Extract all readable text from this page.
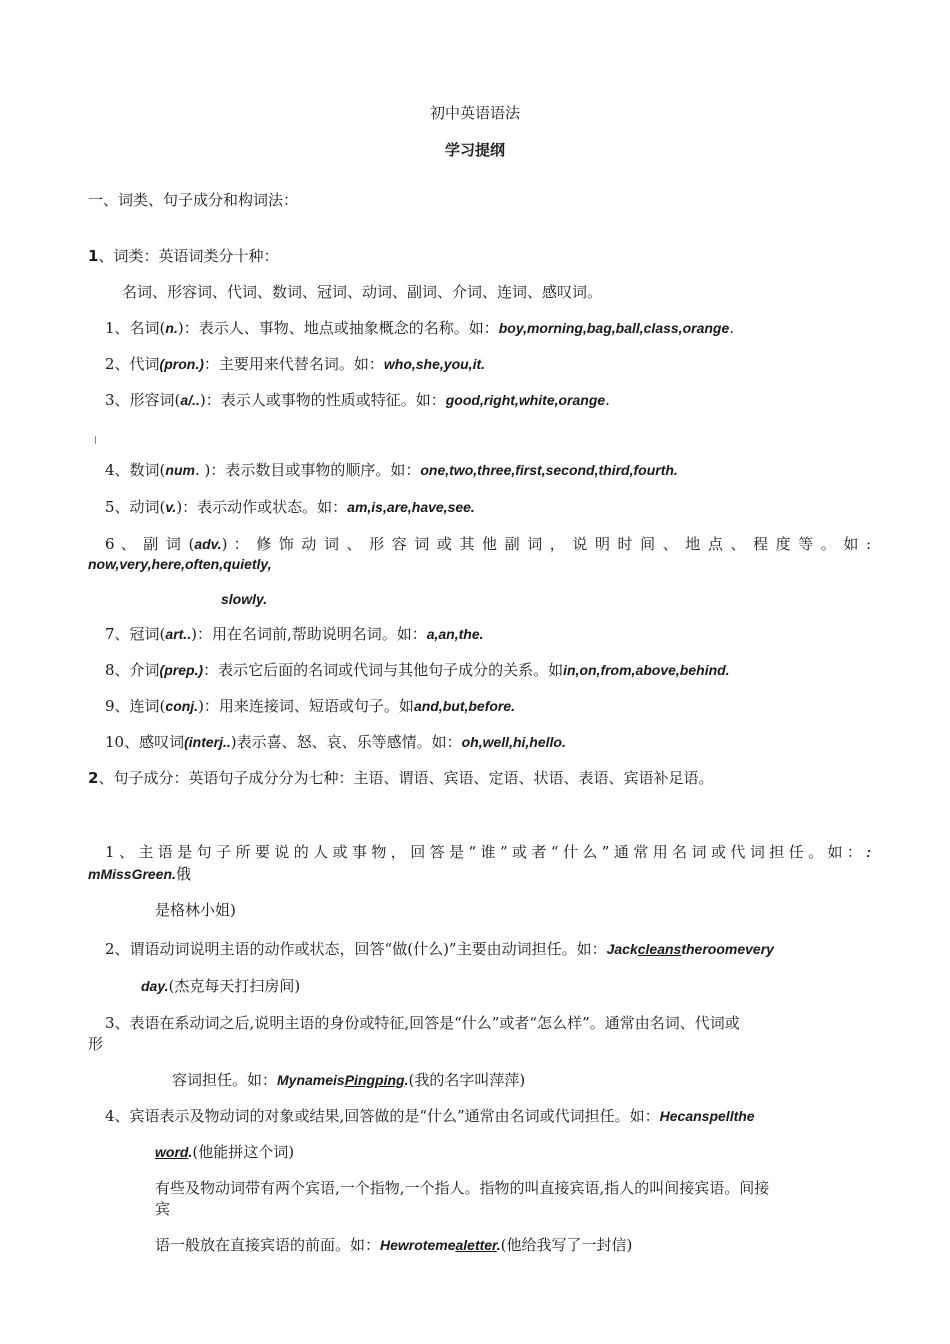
初中英语语法
学习提纲
一、词类、句子成分和构词法：
1、词类：英语词类分十种：
名词、形容词、代词、数词、冠词、动词、副词、介词、连词、感叹词。
1、名词(n.)：表示人、事物、地点或抽象概念的名称。如：boy,morning,bag,ball,class,orange.
2、代词(pron.)：主要用来代替名词。如：who,she,you,it.
3、形容词(a/..)：表示人或事物的性质或特征。如：good,right,white,orange.
4、数词(num. )：表示数目或事物的顺序。如：one,two,three,first,second,third,fourth.
5、动词(v.)：表示动作或状态。如：am,is,are,have,see.
6 、 副 词 (adv.) ： 修 饰 动 词 、 形 容 词 或 其 他 副 词 ， 说 明 时 间 、 地 点 、 程 度 等 。 如 :
now,very,here,often,quietly,
slowly.
7、冠词(art..)：用在名词前,帮助说明名词。如：a,an,the.
8、介词(prep.)：表示它后面的名词或代词与其他句子成分的关系。如in,on,from,above,behind.
9、连词(conj.)：用来连接词、短语或句子。如and,but,before.
10、感叹词(interj..)表示喜、怒、哀、乐等感情。如：oh,well,hi,hello.
2、句子成分：英语句子成分分为七种：主语、谓语、宾语、定语、状语、表语、宾语补足语。
1、主语是句子所要说的人或事物，回答是“谁”或者“什么”通常用名词或代词担任。如：:
mMissGreen.俄
是格林小姐)
2、谓语动词说明主语的动作或状态，回答“做(什么)”主要由动词担任。如：Jackcleanstheroomevery
day.(杰克每天打扫房间)
3、表语在系动词之后,说明主语的身份或特征,回答是“什么”或者“怎么样”。通常由名词、代词或
形
容词担任。如：MynameisPingping.(我的名字叫萍萍)
4、宾语表示及物动词的对象或结果,回答做的是“什么”通常由名词或代词担任。如：Hecanspellthe
word.(他能拼这个词)
有些及物动词带有两个宾语,一个指物,一个指人。指物的叫直接宾语,指人的叫间接宾语。间接
宾
语一般放在直接宾语的前面。如：Hewrotemealetter.(他给我写了一封信)
